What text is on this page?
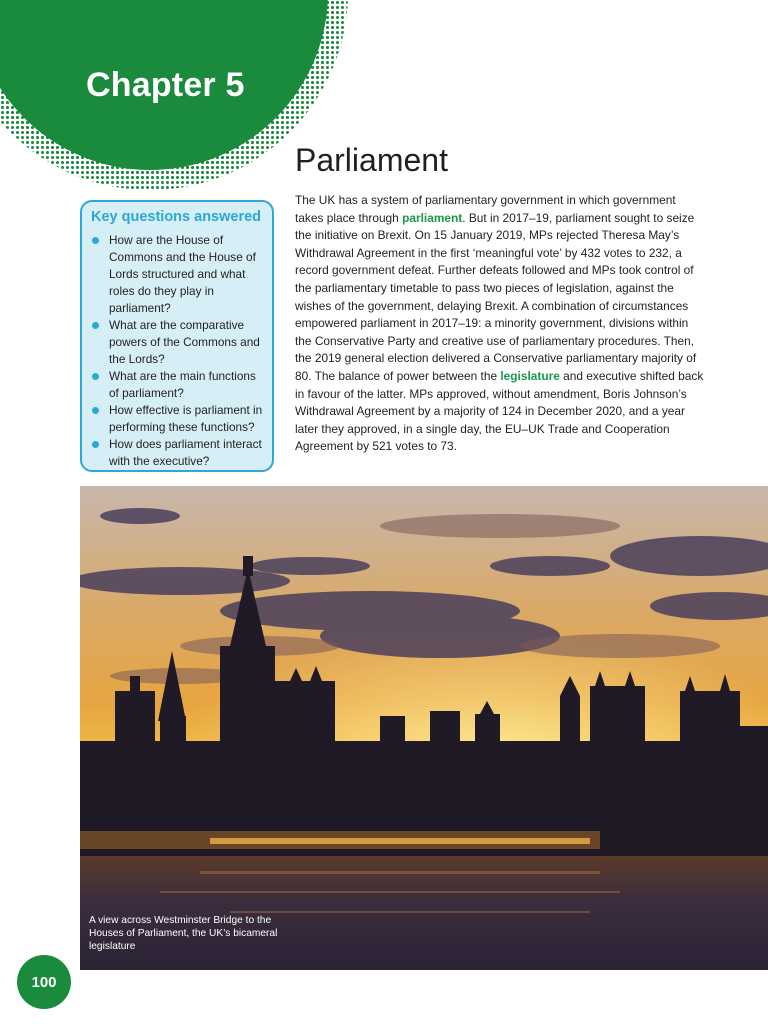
Chapter 5
Parliament
Key questions answered
How are the House of Commons and the House of Lords structured and what roles do they play in parliament?
What are the comparative powers of the Commons and the Lords?
What are the main functions of parliament?
How effective is parliament in performing these functions?
How does parliament interact with the executive?

The UK has a system of parliamentary government in which government takes place through parliament. But in 2017–19, parliament sought to seize the initiative on Brexit. On 15 January 2019, MPs rejected Theresa May’s Withdrawal Agreement in the first ‘meaningful vote’ by 432 votes to 232, a record government defeat. Further defeats followed and MPs took control of the parliamentary timetable to pass two pieces of legislation, against the wishes of the government, delaying Brexit. A combination of circumstances empowered parliament in 2017–19: a minority government, divisions within the Conservative Party and creative use of parliamentary procedures. Then, the 2019 general election delivered a Conservative parliamentary majority of 80. The balance of power between the legislature and executive shifted back in favour of the latter. MPs approved, without amendment, Boris Johnson’s Withdrawal Agreement by a majority of 124 in December 2020, and a year later they approved, in a single day, the EU–UK Trade and Cooperation Agreement by 521 votes to 73.

A view across Westminster Bridge to the Houses of Parliament, the UK’s bicameral legislature

100
